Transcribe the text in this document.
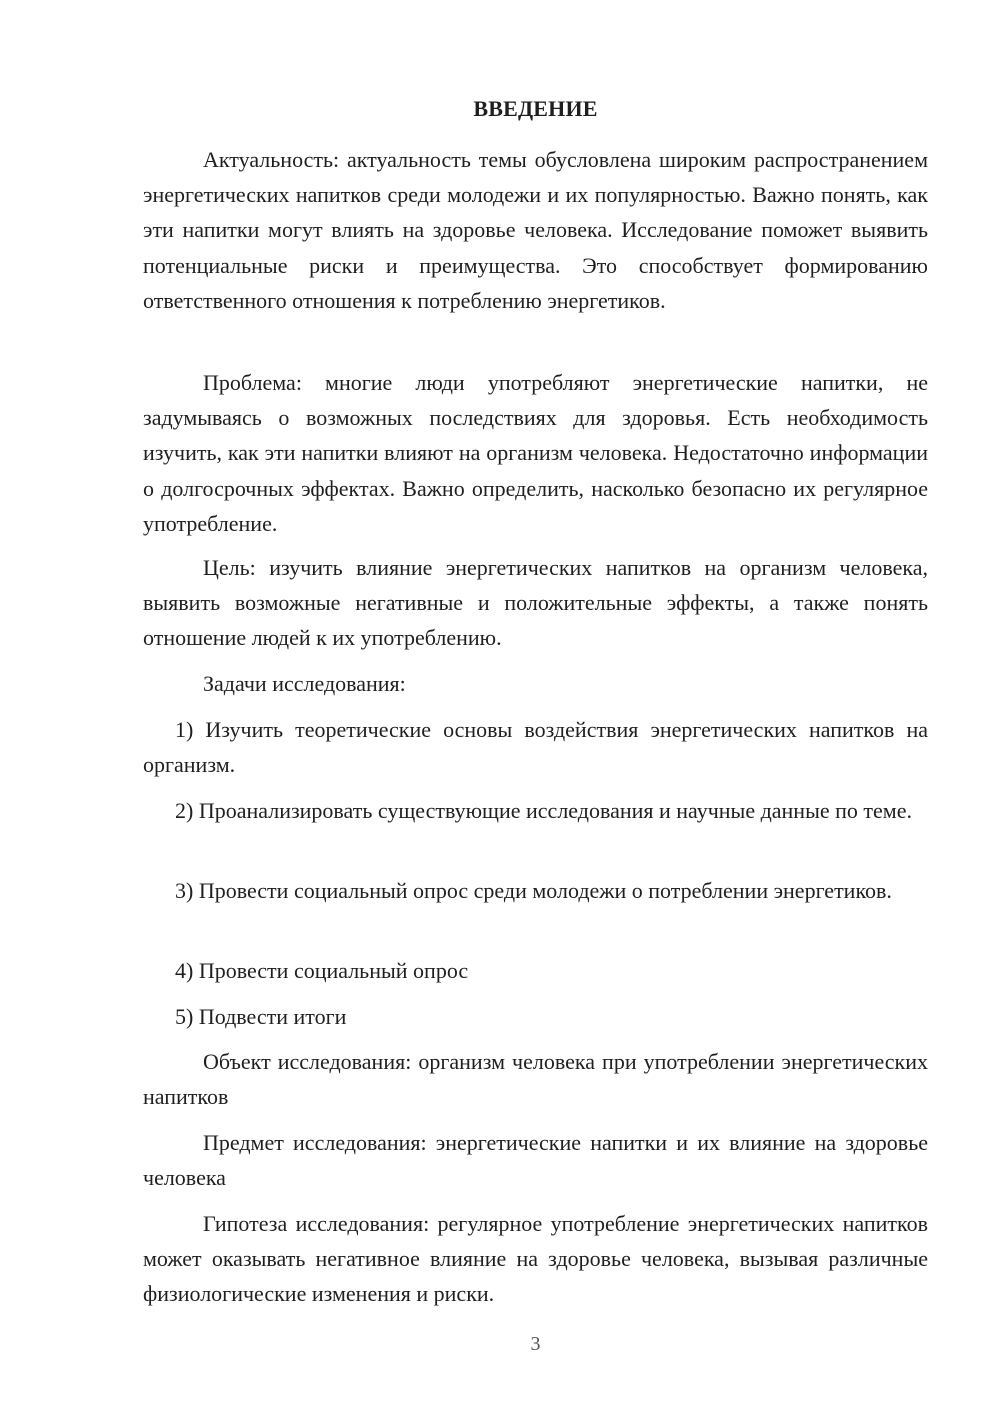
ВВЕДЕНИЕ

Актуальность: актуальность темы обусловлена широким распространением энергетических напитков среди молодежи и их популярностью. Важно понять, как эти напитки могут влиять на здоровье человека. Исследование поможет выявить потенциальные риски и преимущества. Это способствует формированию ответственного отношения к потреблению энергетиков.

Проблема: многие люди употребляют энергетические напитки, не задумываясь о возможных последствиях для здоровья. Есть необходимость изучить, как эти напитки влияют на организм человека. Недостаточно информации о долгосрочных эффектах. Важно определить, насколько безопасно их регулярное употребление.

Цель: изучить влияние энергетических напитков на организм человека, выявить возможные негативные и положительные эффекты, а также понять отношение людей к их употреблению.

Задачи исследования:

1) Изучить теоретические основы воздействия энергетических напитков на организм.

2) Проанализировать существующие исследования и научные данные по теме.

3) Провести социальный опрос среди молодежи о потреблении энергетиков.

4) Провести социальный опрос

5) Подвести итоги

Объект исследования: организм человека при употреблении энергетических напитков

Предмет исследования: энергетические напитки и их влияние на здоровье человека

Гипотеза исследования: регулярное употребление энергетических напитков может оказывать негативное влияние на здоровье человека, вызывая различные физиологические изменения и риски.

3
